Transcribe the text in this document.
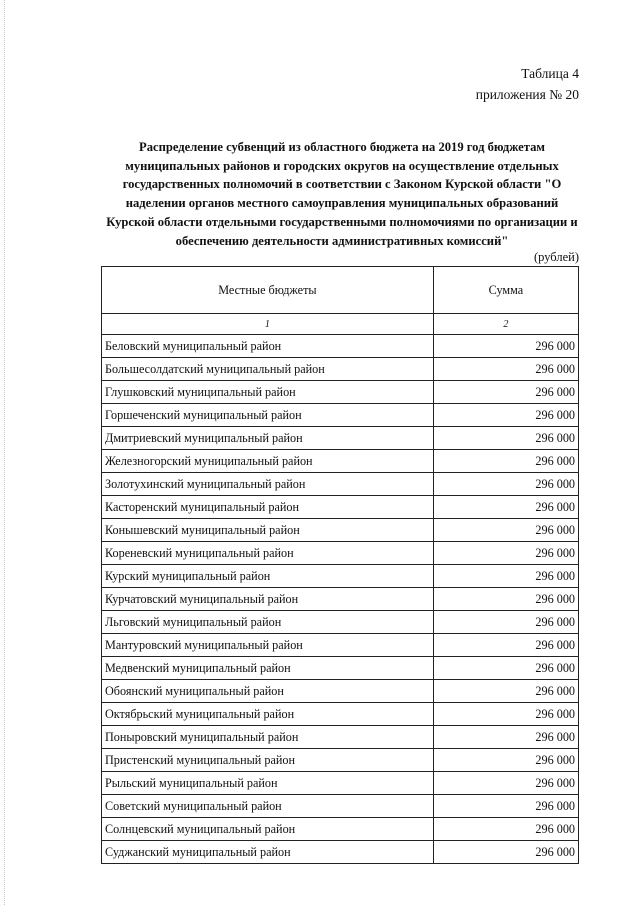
Таблица 4
приложения № 20
Распределение субвенций из областного бюджета на 2019 год бюджетам муниципальных районов и городских округов на осуществление отдельных государственных полномочий в соответствии с Законом Курской области "О наделении органов местного самоуправления муниципальных образований Курской области отдельными государственными полномочиями по организации и обеспечению деятельности административных комиссий"
(рублей)
Местные бюджеты	Сумма
1	2
Беловский муниципальный район	296 000
Большесолдатский муниципальный район	296 000
Глушковский муниципальный район	296 000
Горшеченский муниципальный район	296 000
Дмитриевский муниципальный район	296 000
Железногорский муниципальный район	296 000
Золотухинский муниципальный район	296 000
Касторенский муниципальный район	296 000
Конышевский муниципальный район	296 000
Кореневский муниципальный район	296 000
Курский муниципальный район	296 000
Курчатовский муниципальный район	296 000
Льговский муниципальный район	296 000
Мантуровский муниципальный район	296 000
Медвенский муниципальный район	296 000
Обоянский муниципальный район	296 000
Октябрьский муниципальный район	296 000
Поныровский муниципальный район	296 000
Пристенский муниципальный район	296 000
Рыльский муниципальный район	296 000
Советский муниципальный район	296 000
Солнцевский муниципальный район	296 000
Суджанский муниципальный район	296 000
